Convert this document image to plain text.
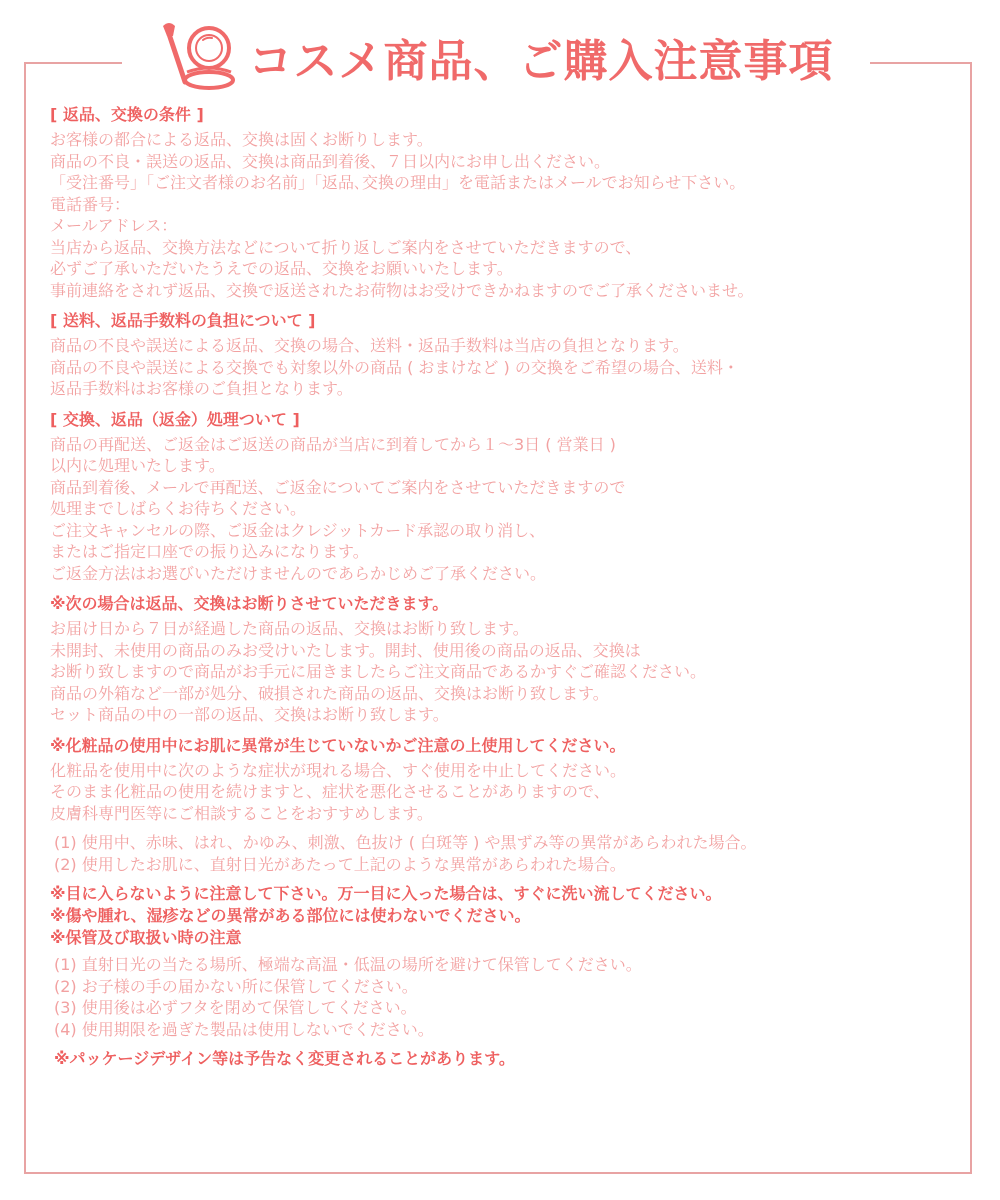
コスメ商品、ご購入注意事項
[ 返品、交換の条件 ]
お客様の都合による返品、交換は固くお断りします。
商品の不良・誤送の返品、交換は商品到着後、７日以内にお申し出ください。
「受注番号」「ご注文者様のお名前」「返品､交換の理由」を電話またはメールでお知らせ下さい。
電話番号：
メールアドレス：
当店から返品、交換方法などについて折り返しご案内をさせていただきますので、
必ずご了承いただいたうえでの返品、交換をお願いいたします。
事前連絡をされず返品、交換で返送されたお荷物はお受けできかねますのでご了承くださいませ。
[ 送料、返品手数料の負担について ]
商品の不良や誤送による返品、交換の場合、送料・返品手数料は当店の負担となります。
商品の不良や誤送による交換でも対象以外の商品 ( おまけなど ) の交換をご希望の場合、送料・
返品手数料はお客様のご負担となります。
[ 交換、返品（返金）処理ついて ]
商品の再配送、ご返金はご返送の商品が当店に到着してから１〜3日 ( 営業日 )
以内に処理いたします。
商品到着後、メールで再配送、ご返金についてご案内をさせていただきますので
処理までしばらくお待ちください。
ご注文キャンセルの際、ご返金はクレジットカード承認の取り消し、
またはご指定口座での振り込みになります。
ご返金方法はお選びいただけませんのであらかじめご了承ください。
※次の場合は返品、交換はお断りさせていただきます。
お届け日から７日が経過した商品の返品、交換はお断り致します。
未開封、未使用の商品のみお受けいたします。開封、使用後の商品の返品、交換は
お断り致しますので商品がお手元に届きましたらご注文商品であるかすぐご確認ください。
商品の外箱など一部が処分、破損された商品の返品、交換はお断り致します。
セット商品の中の一部の返品、交換はお断り致します。
※化粧品の使用中にお肌に異常が生じていないかご注意の上使用してください。
化粧品を使用中に次のような症状が現れる場合、すぐ使用を中止してください。
そのまま化粧品の使用を続けますと、症状を悪化させることがありますので、
皮膚科専門医等にご相談することをおすすめします。
(1) 使用中、赤味、はれ、かゆみ、刺激、色抜け ( 白斑等 ) や黒ずみ等の異常があらわれた場合。
(2) 使用したお肌に、直射日光があたって上記のような異常があらわれた場合。
※目に入らないように注意して下さい。万一目に入った場合は、すぐに洗い流してください。
※傷や腫れ、湿疹などの異常がある部位には使わないでください。
※保管及び取扱い時の注意
(1) 直射日光の当たる場所、極端な高温・低温の場所を避けて保管してください。
(2) お子様の手の届かない所に保管してください。
(3) 使用後は必ずフタを閉めて保管してください。
(4) 使用期限を過ぎた製品は使用しないでください。
※パッケージデザイン等は予告なく変更されることがあります。
